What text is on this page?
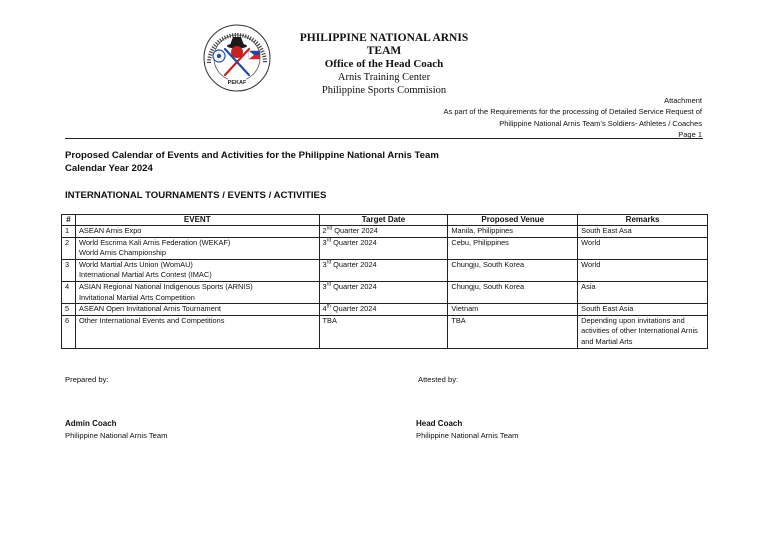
PEKAF
PHILIPPINE NATIONAL ARNIS TEAM
Office of the Head Coach
Arnis Training Center
Philippine Sports Commision
Attachment
As part of the Requirements for the processing of Detailed Service Request of
Philippine National Arnis Team’s Soldiers- Athletes / Coaches
Page 1
Proposed Calendar of Events and Activities for the Philippine National Arnis Team
Calendar Year 2024
INTERNATIONAL TOURNAMENTS / EVENTS / ACTIVITIES
#	EVENT	Target Date	Proposed Venue	Remarks
1	ASEAN Arnis Expo	2nd Quarter 2024	Manila, Philippines	South East Asa
2	World Escrima Kali Arnis Federation (WEKAF)
World Arnis Championship	3rd Quarter 2024	Cebu, Philippines	World
3	World Martial Arts Union (WomAU)
International Martial Arts Contest (IMAC)	3rd Quarter 2024	Chungju, South Korea	World
4	ASIAN Regional National Indigenous Sports (ARNIS)
Invitational Martial Arts Competition	3rd Quarter 2024	Chungju, South Korea	Asia
5	ASEAN Open Invitational Arnis Tournament	4th Quarter 2024	Vietnam	South East Asia
6	Other International Events and Competitions	TBA	TBA	Depending upon invitations and activities of other International Arnis and Martial Arts
Prepared by:	Attested by:
Admin Coach
Philippine National Arnis Team
Head Coach
Philippine National Arnis Team
